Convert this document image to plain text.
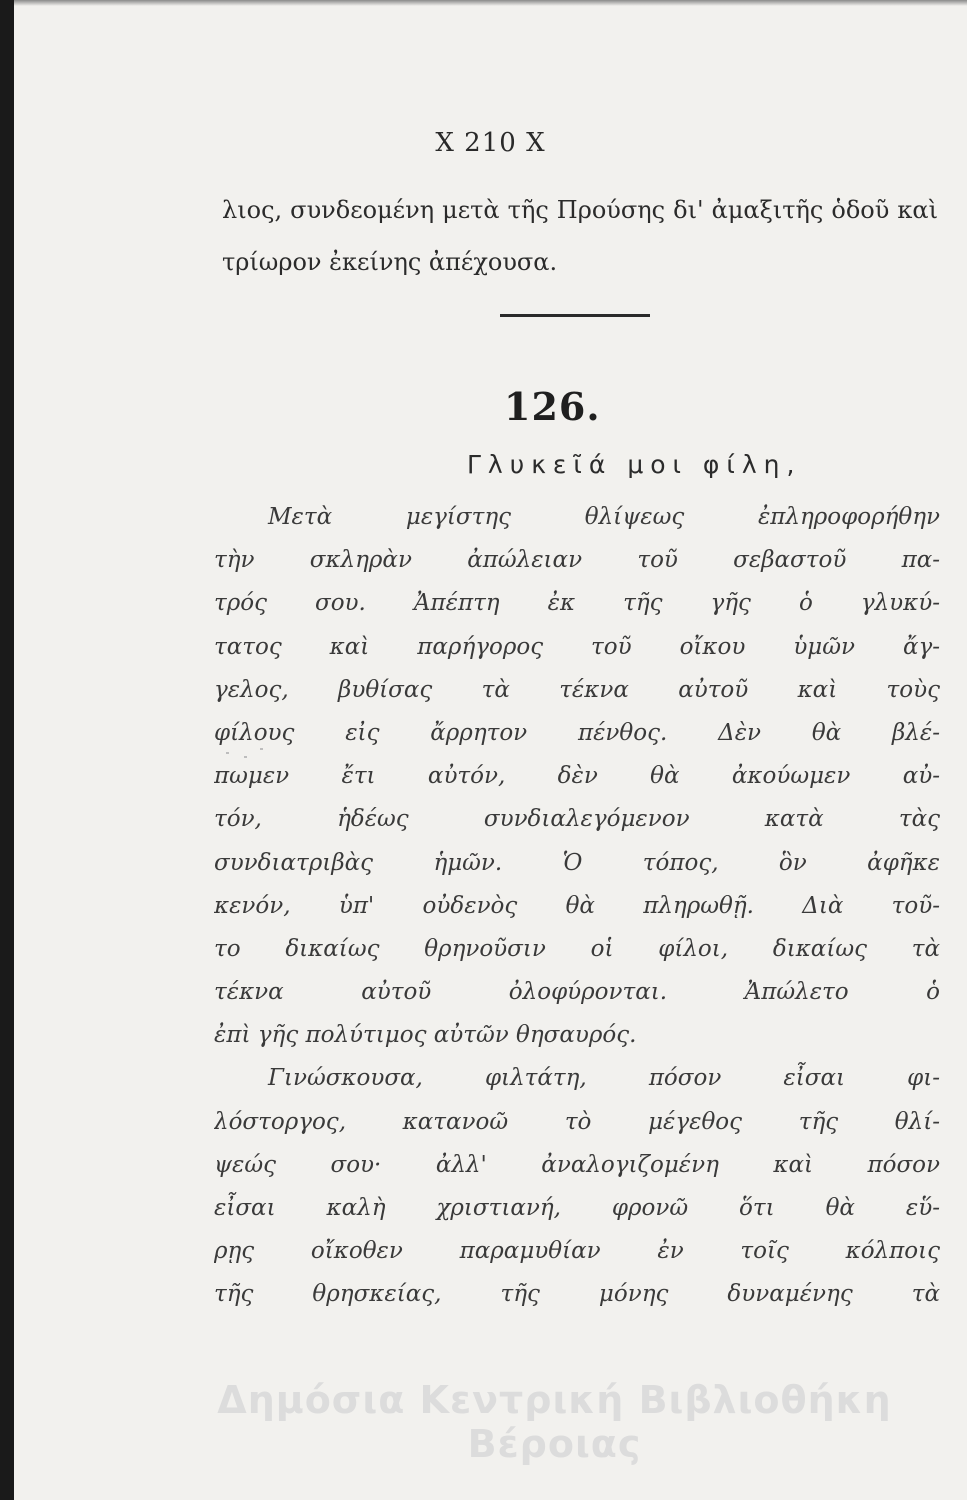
Χ 210 Χ

λιος, συνδεομένη μετὰ τῆς Προύσης δι' ἀμαξιτῆς ὁδοῦ καὶ

τρίωρον ἐκείνης ἀπέχουσα.

126.

Γλυκεῖά μοι φίλη,

Μετὰ μεγίστης θλίψεως ἐπληροφορήθην
τὴν σκληρὰν ἀπώλειαν τοῦ σεβαστοῦ πα-
τρός σου. Ἀπέπτη ἐκ τῆς γῆς ὁ γλυκύ-
τατος καὶ παρήγορος τοῦ οἴκου ὑμῶν ἄγ-
γελος, βυθίσας τὰ τέκνα αὐτοῦ καὶ τοὺς
φίλους εἰς ἄρρητον πένθος. Δὲν θὰ βλέ-
πωμεν ἔτι αὐτόν, δὲν θὰ ἀκούωμεν αὐ-
τόν, ἡδέως συνδιαλεγόμενον κατὰ τὰς
συνδιατριβὰς ἡμῶν. Ὁ τόπος, ὃν ἀφῆκε
κενόν, ὑπ' οὐδενὸς θὰ πληρωθῇ. Διὰ τοῦ-
το δικαίως θρηνοῦσιν οἱ φίλοι, δικαίως τὰ
τέκνα αὐτοῦ ὀλοφύρονται. Ἀπώλετο ὁ
ἐπὶ γῆς πολύτιμος αὐτῶν θησαυρός.
Γινώσκουσα, φιλτάτη, πόσον εἶσαι φι-
λόστοργος, κατανοῶ τὸ μέγεθος τῆς θλί-
ψεώς σου· ἀλλ' ἀναλογιζομένη καὶ πόσον
εἶσαι καλὴ χριστιανή, φρονῶ ὅτι θὰ εὕ-
ρῃς οἴκοθεν παραμυθίαν ἐν τοῖς κόλποις
τῆς θρησκείας, τῆς μόνης δυναμένης τὰ
Δημόσια Κεντρική Βιβλιοθήκη Βέροιας
